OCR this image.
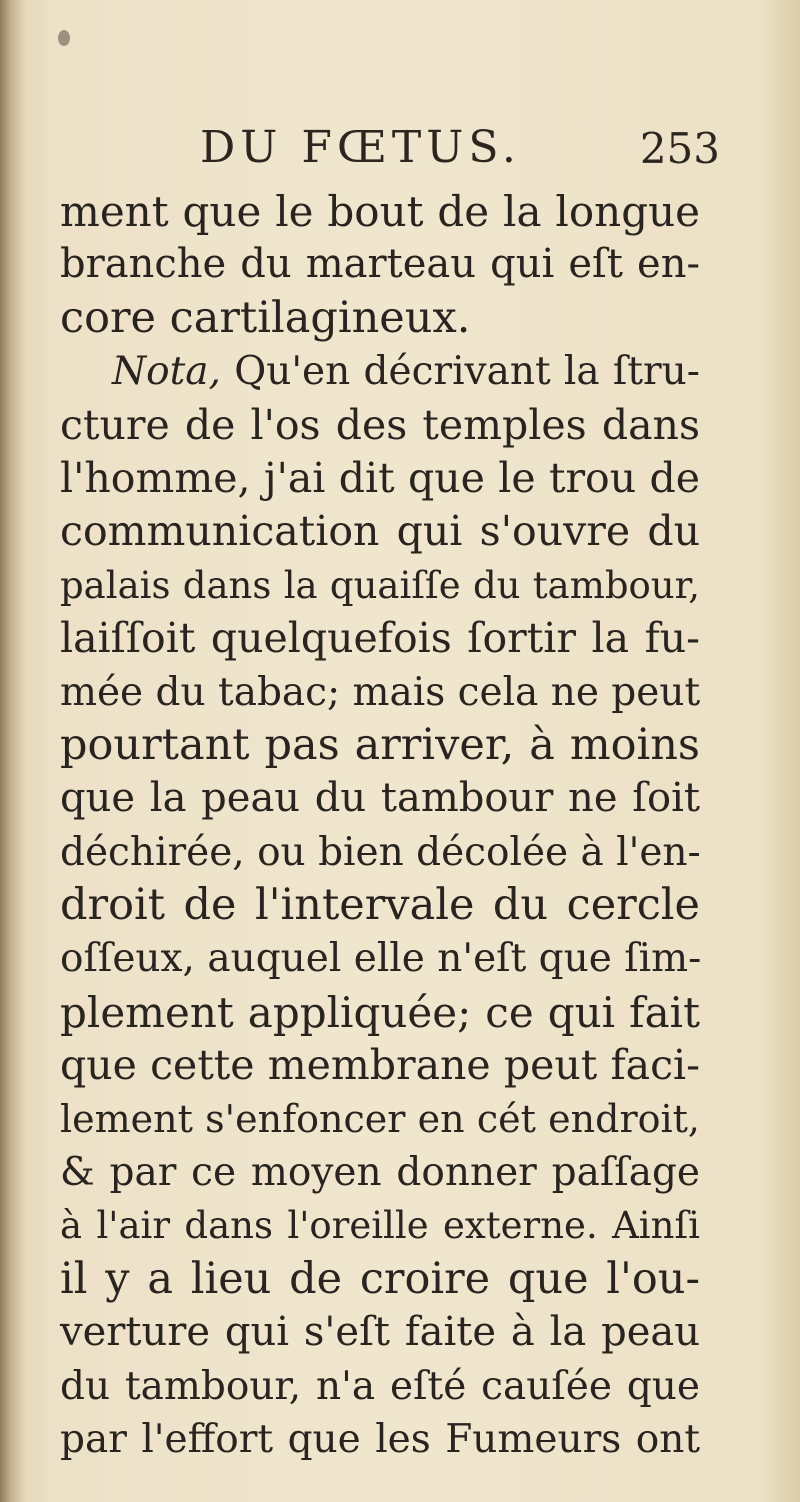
DU FŒTUS.	253
ment que le bout de la longue
branche du marteau qui eſt en-
core cartilagineux.
Nota, Qu'en décrivant la ſtru-
cture de l'os des temples dans
l'homme, j'ai dit que le trou de
communication qui s'ouvre du
palais dans la quaiſſe du tambour,
laiſſoit quelquefois ſortir la fu-
mée du tabac; mais cela ne peut
pourtant pas arriver, à moins
que la peau du tambour ne ſoit
déchirée, ou bien décolée à l'en-
droit de l'intervale du cercle
oſſeux, auquel elle n'eſt que ſim-
plement appliquée; ce qui fait
que cette membrane peut faci-
lement s'enfoncer en cét endroit,
& par ce moyen donner paſſage
à l'air dans l'oreille externe. Ainſi
il y a lieu de croire que l'ou-
verture qui s'eſt faite à la peau
du tambour, n'a eſté cauſée que
par l'effort que les Fumeurs ont
